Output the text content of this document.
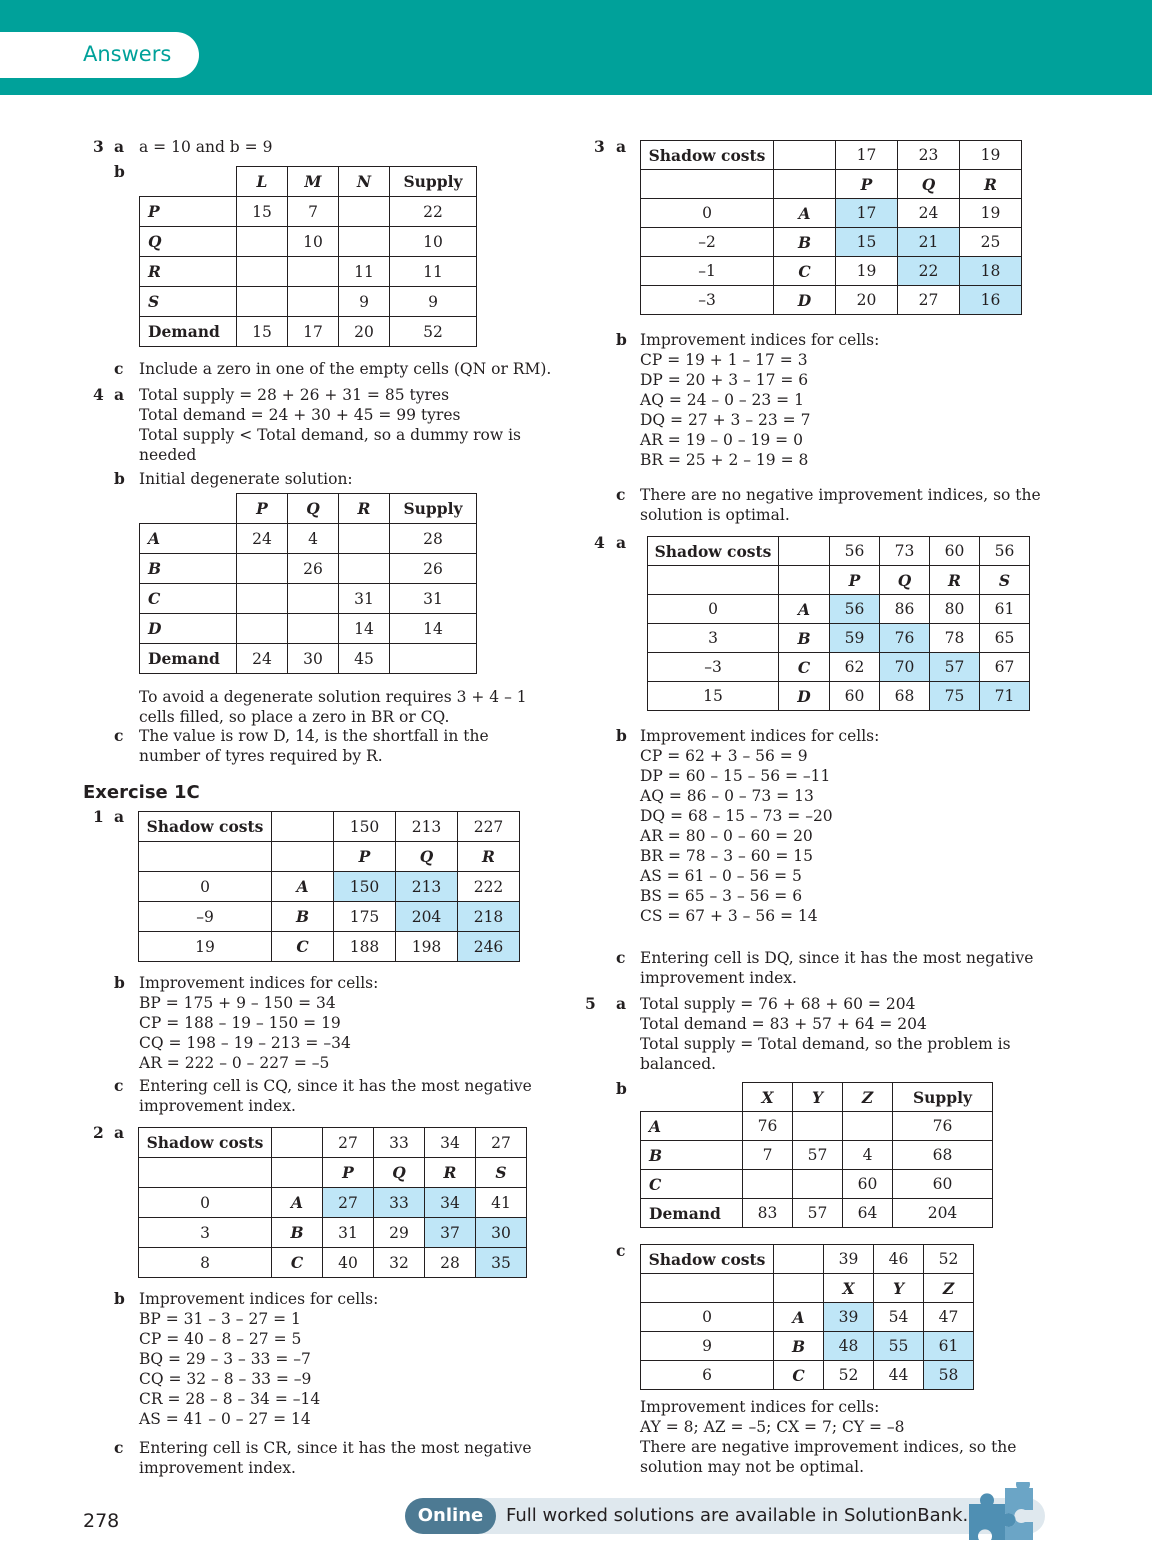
Answers
3 a a = 10 and b = 9

b
	L	M	N	Supply
P	15	7		22
Q		10		10
R			11	11
S			9	9
Demand	15	17	20	52
c Include a zero in one of the empty cells (QN or RM).

4 a Total supply = 28 + 26 + 31 = 85 tyres
Total demand = 24 + 30 + 45 = 99 tyres
Total supply < Total demand, so a dummy row is
needed
b Initial degenerate solution:

	P	Q	R	Supply
A	24	4		28
B		26		26
C			31	31
D			14	14
Demand	24	30	45	
To avoid a degenerate solution requires 3 + 4 – 1
cells filled, so place a zero in BR or CQ.
c The value is row D, 14, is the shortfall in the
number of tyres required by R.
Exercise 1C
1 a
Shadow costs		150	213	227
		P	Q	R
0	A	150	213	222
–9	B	175	204	218
19	C	188	198	246
b Improvement indices for cells:
BP = 175 + 9 – 150 = 34
CP = 188 – 19 – 150 = 19
CQ = 198 – 19 – 213 = –34
AR = 222 – 0 – 227 = –5
c Entering cell is CQ, since it has the most negative
improvement index.
2 a
Shadow costs		27	33	34	27
		P	Q	R	S
0	A	27	33	34	41
3	B	31	29	37	30
8	C	40	32	28	35
b Improvement indices for cells:
BP = 31 – 3 – 27 = 1
CP = 40 – 8 – 27 = 5
BQ = 29 – 3 – 33 = –7
CQ = 32 – 8 – 33 = –9
CR = 28 – 8 – 34 = –14
AS = 41 – 0 – 27 = 14
c Entering cell is CR, since it has the most negative
improvement index.
3 a Shadow costs		17	23	19
		P	Q	R
0	A	17	24	19
–2	B	15	21	25
–1	C	19	22	18
–3	D	20	27	16
b Improvement indices for cells:
CP = 19 + 1 – 17 = 3
DP = 20 + 3 – 17 = 6
AQ = 24 – 0 – 23 = 1
DQ = 27 + 3 – 23 = 7
AR = 19 – 0 – 19 = 0
BR = 25 + 2 – 19 = 8
c There are no negative improvement indices, so the
solution is optimal.
4 a Shadow costs		56	73	60	56
		P	Q	R	S
0	A	56	86	80	61
3	B	59	76	78	65
–3	C	62	70	57	67
15	D	60	68	75	71
b Improvement indices for cells:
CP = 62 + 3 – 56 = 9
DP = 60 – 15 – 56 = –11
AQ = 86 – 0 – 73 = 13
DQ = 68 – 15 – 73 = –20
AR = 80 – 0 – 60 = 20
BR = 78 – 3 – 60 = 15
AS = 61 – 0 – 56 = 5
BS = 65 – 3 – 56 = 6
CS = 67 + 3 – 56 = 14
c Entering cell is DQ, since it has the most negative
improvement index.
5 a Total supply = 76 + 68 + 60 = 204
Total demand = 83 + 57 + 64 = 204
Total supply = Total demand, so the problem is
balanced.
b
		X	Y	Z	Supply
A	76			76
B	7	57	4	68
C			60	60
Demand	83	57	64	204
c Shadow costs		39	46	52
		X	Y	Z
0	A	39	54	47
9	B	48	55	61
6	C	52	44	58
Improvement indices for cells:
AY = 8; AZ = –5; CX = 7; CY = –8
There are negative improvement indices, so the
solution may not be optimal.
278	Online	Full worked solutions are available in SolutionBank.
